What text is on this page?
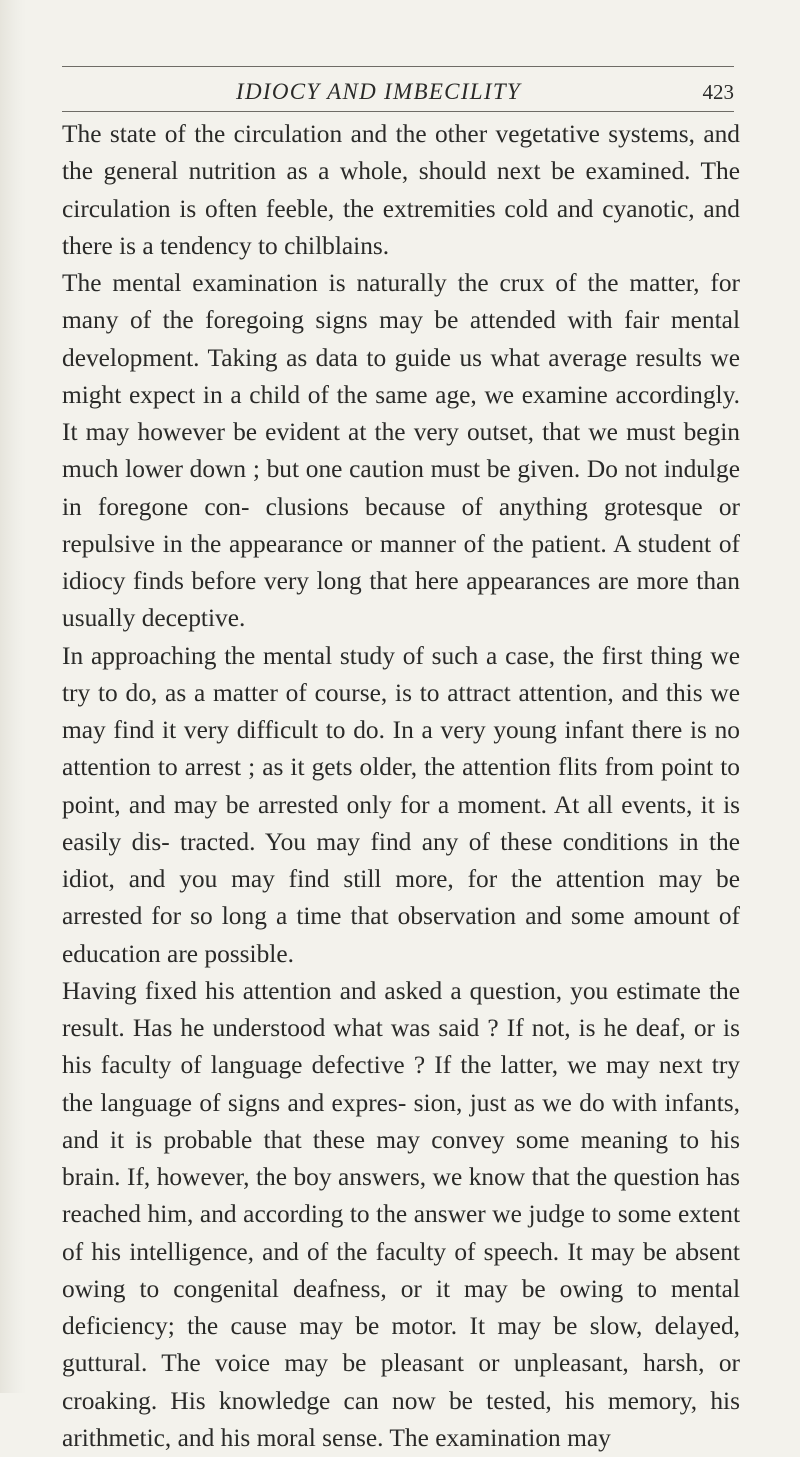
IDIOCY AND IMBECILITY	423

The state of the circulation and the other vegetative systems, and the general nutrition as a whole, should next be examined. The circulation is often feeble, the extremities cold and cyanotic, and there is a tendency to chilblains.

The mental examination is naturally the crux of the matter, for many of the foregoing signs may be attended with fair mental development. Taking as data to guide us what average results we might expect in a child of the same age, we examine accordingly. It may however be evident at the very outset, that we must begin much lower down ; but one caution must be given. Do not indulge in foregone con- clusions because of anything grotesque or repulsive in the appearance or manner of the patient. A student of idiocy finds before very long that here appearances are more than usually deceptive.

In approaching the mental study of such a case, the first thing we try to do, as a matter of course, is to attract attention, and this we may find it very difficult to do. In a very young infant there is no attention to arrest ; as it gets older, the attention flits from point to point, and may be arrested only for a moment. At all events, it is easily dis- tracted. You may find any of these conditions in the idiot, and you may find still more, for the attention may be arrested for so long a time that observation and some amount of education are possible.

Having fixed his attention and asked a question, you estimate the result. Has he understood what was said ? If not, is he deaf, or is his faculty of language defective ? If the latter, we may next try the language of signs and expres- sion, just as we do with infants, and it is probable that these may convey some meaning to his brain. If, however, the boy answers, we know that the question has reached him, and according to the answer we judge to some extent of his intelligence, and of the faculty of speech. It may be absent owing to congenital deafness, or it may be owing to mental deficiency; the cause may be motor. It may be slow, delayed, guttural. The voice may be pleasant or unpleasant, harsh, or croaking. His knowledge can now be tested, his memory, his arithmetic, and his moral sense. The examination may
